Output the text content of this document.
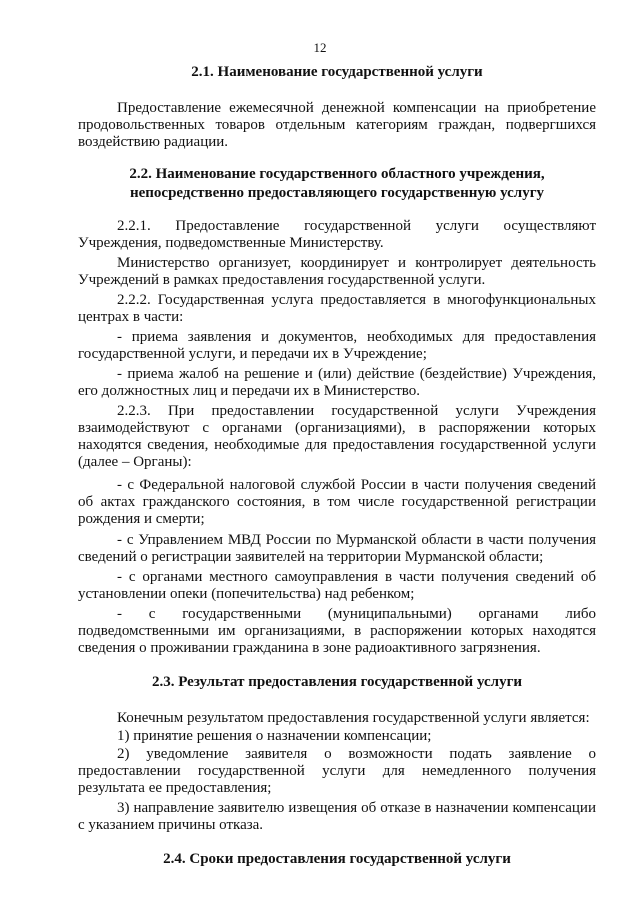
12
2.1. Наименование государственной услуги
Предоставление ежемесячной денежной компенсации на приобретение
продовольственных товаров отдельным категориям граждан, подвергшихся
воздействию радиации.
2.2. Наименование государственного областного учреждения,
непосредственно предоставляющего государственную услугу
2.2.1. Предоставление государственной услуги осуществляют
Учреждения, подведомственные Министерству.
Министерство организует, координирует и контролирует деятельность
Учреждений в рамках предоставления государственной услуги.
2.2.2. Государственная услуга предоставляется в многофункциональных
центрах в части:
- приема заявления и документов, необходимых для предоставления
государственной услуги, и передачи их в Учреждение;
- приема жалоб на решение и (или) действие (бездействие) Учреждения,
его должностных лиц и передачи их в Министерство.
2.2.3. При предоставлении государственной услуги Учреждения
взаимодействуют с органами (организациями), в распоряжении которых
находятся сведения, необходимые для предоставления государственной услуги
(далее – Органы):
- с Федеральной налоговой службой России в части получения сведений
об актах гражданского состояния, в том числе государственной регистрации
рождения и смерти;
- с Управлением МВД России по Мурманской области в части получения
сведений о регистрации заявителей на территории Мурманской области;
- с органами местного самоуправления в части получения сведений об
установлении опеки (попечительства) над ребенком;
- с государственными (муниципальными) органами либо
подведомственными им организациями, в распоряжении которых находятся
сведения о проживании гражданина в зоне радиоактивного загрязнения.
2.3. Результат предоставления государственной услуги
Конечным результатом предоставления государственной услуги является:
1) принятие решения о назначении компенсации;
2) уведомление заявителя о возможности подать заявление о
предоставлении государственной услуги для немедленного получения
результата ее предоставления;
3) направление заявителю извещения об отказе в назначении компенсации
с указанием причины отказа.
2.4. Сроки предоставления государственной услуги
